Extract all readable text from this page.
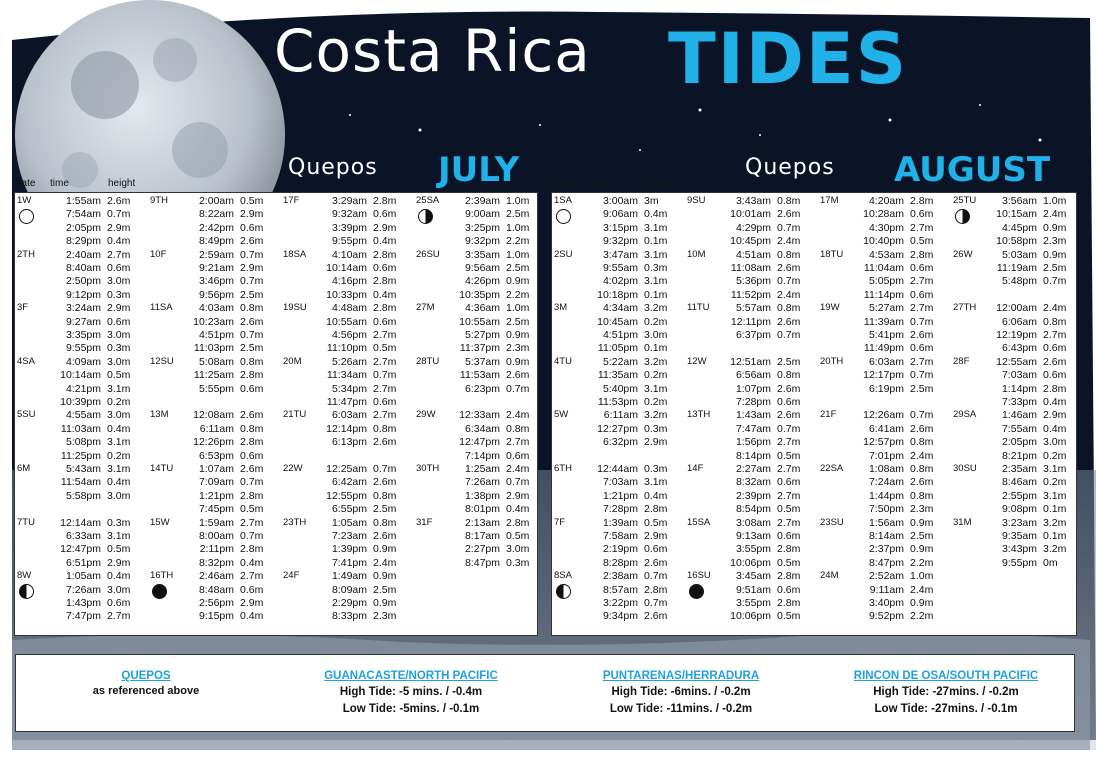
Costa Rica TIDES
Quepos JULY	Quepos AUGUST
date time	height	date time	height
1W	1:55am 2.6m
7:54am 0.7m
2:05pm 2.9m
8:29pm 0.4m
2TH	2:40am 2.7m
8:40am 0.6m
2:50pm 3.0m
9:12pm 0.3m
3F	3:24am 2.9m
9:27am 0.6m
3:35pm 3.0m
9:55pm 0.3m
4SA	4:09am 3.0m
10:14am 0.5m
4:21pm 3.1m
10:39pm 0.2m
5SU	4:55am 3.0m
11:03am 0.4m
5:08pm 3.1m
11:25pm 0.2m
6M	5:43am 3.1m
11:54am 0.4m
5:58pm 3.0m
7TU	12:14am 0.3m
6:33am 3.1m
12:47pm 0.5m
6:51pm 2.9m
8W	1:05am 0.4m
7:26am 3.0m
1:43pm 0.6m
7:47pm 2.7m
9TH	2:00am 0.5m
8:22am 2.9m
2:42pm 0.6m
8:49pm 2.6m
10F	2:59am 0.7m
9:21am 2.9m
3:46pm 0.7m
9:56pm 2.5m
11SA	4:03am 0.8m
10:23am 2.6m
4:51pm 0.7m
11:03pm 2.5m
12SU	5:08am 0.8m
11:25am 2.8m
5:55pm 0.6m
13M	12:08am 2.6m
6:11am 0.8m
12:26pm 2.8m
6:53pm 0.6m
14TU	1:07am 2.6m
7:09am 0.7m
1:21pm 2.8m
7:45pm 0.5m
15W	1:59am 2.7m
8:00am 0.7m
2:11pm 2.8m
8:32pm 0.4m
16TH	2:46am 2.7m
8:48am 0.6m
2:56pm 2.9m
9:15pm 0.4m
17F	3:29am 2.8m
9:32am 0.6m
3:39pm 2.9m
9:55pm 0.4m
18SA	4:10am 2.8m
10:14am 0.6m
4:16pm 2.8m
10:33pm 0.4m
19SU	4:48am 2.8m
10:55am 0.6m
4:56pm 2.7m
11:10pm 0.5m
20M	5:26am 2.7m
11:34am 0.7m
5:34pm 2.7m
11:47pm 0.6m
21TU	6:03am 2.7m
12:14pm 0.8m
6:13pm 2.6m
22W	12:25am 0.7m
6:42am 2.6m
12:55pm 0.8m
6:55pm 2.5m
23TH	1:05am 0.8m
7:23am 2.6m
1:39pm 0.9m
7:41pm 2.4m
24F	1:49am 0.9m
8:09am 2.5m
2:29pm 0.9m
8:33pm 2.3m
25SA	2:39am 1.0m
9:00am 2.5m
3:25pm 1.0m
9:32pm 2.2m
26SU	3:35am 1.0m
9:56am 2.5m
4:26pm 0.9m
10:35pm 2.2m
27M	4:36am 1.0m
10:55am 2.5m
5:27pm 0.9m
11:37pm 2.3m
28TU	5:37am 0.9m
11:53am 2.6m
6:23pm 0.7m
29W	12:33am 2.4m
6:34am 0.8m
12:47pm 2.7m
7:14pm 0.6m
30TH	1:25am 2.4m
7:26am 0.7m
1:38pm 2.9m
8:01pm 0.4m
31F	2:13am 2.8m
8:17am 0.5m
2:27pm 3.0m
8:47pm 0.3m
1SA	3:00am 3m
9:06am 0.4m
3:15pm 3.1m
9:32pm 0.1m
2SU	3:47am 3.1m
9:55am 0.3m
4:02pm 3.1m
10:18pm 0.1m
3M	4:34am 3.2m
10:45am 0.2m
4:51pm 3.0m
11:05pm 0.1m
4TU	5:22am 3.2m
11:35am 0.2m
5:40pm 3.1m
11:53pm 0.2m
5W	6:11am 3.2m
12:27pm 0.3m
6:32pm 2.9m
6TH	12:44am 0.3m
7:03am 3.1m
1:21pm 0.4m
7:28pm 2.8m
7F	1:39am 0.5m
7:58am 2.9m
2:19pm 0.6m
8:28pm 2.6m
8SA	2:38am 0.7m
8:57am 2.8m
3:22pm 0.7m
9:34pm 2.6m
9SU	3:43am 0.8m
10:01am 2.6m
4:29pm 0.7m
10:45pm 2.4m
10M	4:51am 0.8m
11:08am 2.6m
5:36pm 0.7m
11:52pm 2.4m
11TU	5:57am 0.8m
12:11pm 2.6m
6:37pm 0.7m
12W	12:51am 2.5m
6:56am 0.8m
1:07pm 2.6m
7:28pm 0.6m
13TH	1:43am 2.6m
7:47am 0.7m
1:56pm 2.7m
8:14pm 0.5m
14F	2:27am 2.7m
8:32am 0.6m
2:39pm 2.7m
8:54pm 0.5m
15SA	3:08am 2.7m
9:13am 0.6m
3:55pm 2.8m
10:06pm 0.5m
16SU	3:45am 2.8m
9:51am 0.6m
3:55pm 2.8m
10:06pm 0.5m
17M	4:20am 2.8m
10:28am 0.6m
4:30pm 2.7m
10:40pm 0.5m
18TU	4:53am 2.8m
11:04am 0.6m
5:05pm 2.7m
11:14pm 0.6m
19W	5:27am 2.7m
11:39am 0.7m
5:41pm 2.6m
11:49pm 0.6m
20TH	6:03am 2.7m
12:17pm 0.7m
6:19pm 2.5m
21F	12:26am 0.7m
6:41am 2.6m
12:57pm 0.8m
7:01pm 2.4m
22SA	1:08am 0.8m
7:24am 2.6m
1:44pm 0.8m
7:50pm 2.3m
23SU	1:56am 0.9m
8:14am 2.5m
2:37pm 0.9m
8:47pm 2.2m
24M	2:52am 1.0m
9:11am 2.4m
3:40pm 0.9m
9:52pm 2.2m
25TU	3:56am 1.0m
10:15am 2.4m
4:45pm 0.9m
10:58pm 2.3m
26W	5:03am 0.9m
11:19am 2.5m
5:48pm 0.7m
27TH	12:00am 2.4m
6:06am 0.8m
12:19pm 2.7m
6:43pm 0.6m
28F	12:55am 2.6m
7:03am 0.6m
1:14pm 2.8m
7:33pm 0.4m
29SA	1:46am 2.9m
7:55am 0.4m
2:05pm 3.0m
8:21pm 0.2m
30SU	2:35am 3.1m
8:46am 0.2m
2:55pm 3.1m
9:08pm 0.1m
31M	3:23am 3.2m
9:35am 0.1m
3:43pm 3.2m
9:55pm 0m
QUEPOS
as referenced above
GUANACASTE/NORTH PACIFIC
High Tide: -5 mins. / -0.4m
Low Tide: -5mins. / -0.1m
PUNTARENAS/HERRADURA
High Tide: -6mins. / -0.2m
Low Tide: -11mins. / -0.2m
RINCON DE OSA/SOUTH PACIFIC
High Tide: -27mins. / -0.2m
Low Tide: -27mins. / -0.1m
